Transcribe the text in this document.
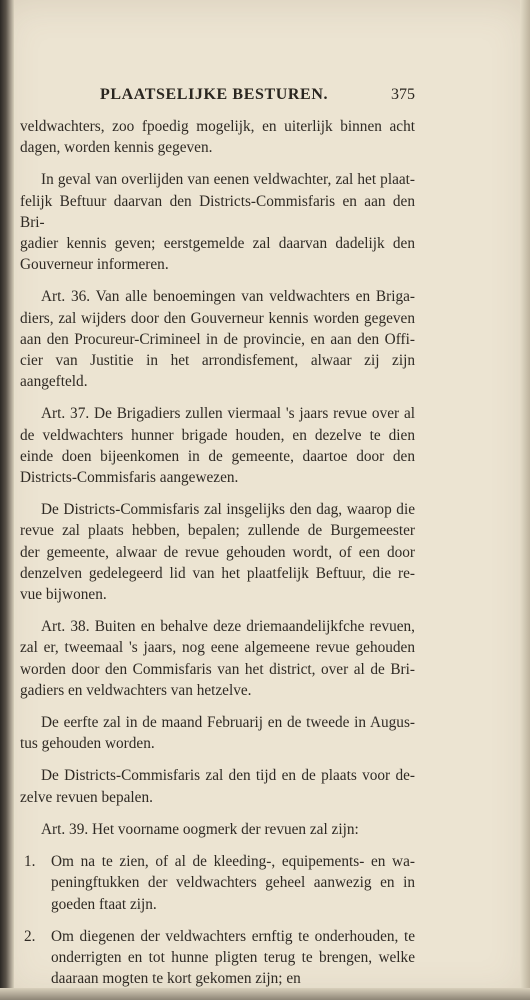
PLAATSELIJKE BESTUREN.	375
veldwachters, zoo fpoedig mogelijk, en uiterlijk binnen acht
dagen, worden kennis gegeven.
In geval van overlijden van eenen veldwachter, zal het plaat-
felijk Beftuur daarvan den Districts-Commisfaris en aan den Bri-
gadier kennis geven; eerstgemelde zal daarvan dadelijk den
Gouverneur informeren.
Art. 36. Van alle benoemingen van veldwachters en Briga-
diers, zal wijders door den Gouverneur kennis worden gegeven
aan den Procureur-Crimineel in de provincie, en aan den Offi-
cier van Justitie in het arrondisfement, alwaar zij zijn aangefteld.
Art. 37. De Brigadiers zullen viermaal 's jaars revue over al
de veldwachters hunner brigade houden, en dezelve te dien
einde doen bijeenkomen in de gemeente, daartoe door den
Districts-Commisfaris aangewezen.
De Districts-Commisfaris zal insgelijks den dag, waarop die
revue zal plaats hebben, bepalen; zullende de Burgemeester
der gemeente, alwaar de revue gehouden wordt, of een door
denzelven gedelegeerd lid van het plaatfelijk Beftuur, die re-
vue bijwonen.
Art. 38. Buiten en behalve deze driemaandelijkfche revuen,
zal er, tweemaal 's jaars, nog eene algemeene revue gehouden
worden door den Commisfaris van het district, over al de Bri-
gadiers en veldwachters van hetzelve.
De eerfte zal in de maand Februarij en de tweede in Augus-
tus gehouden worden.
De Districts-Commisfaris zal den tijd en de plaats voor de-
zelve revuen bepalen.
Art. 39. Het voorname oogmerk der revuen zal zijn:
1. Om na te zien, of al de kleeding-, equipements- en wa-
peningftukken der veldwachters geheel aanwezig en in
goeden ftaat zijn.
2. Om diegenen der veldwachters ernftig te onderhouden, te
onderrigten en tot hunne pligten terug te brengen, welke
daaraan mogten te kort gekomen zijn; en
